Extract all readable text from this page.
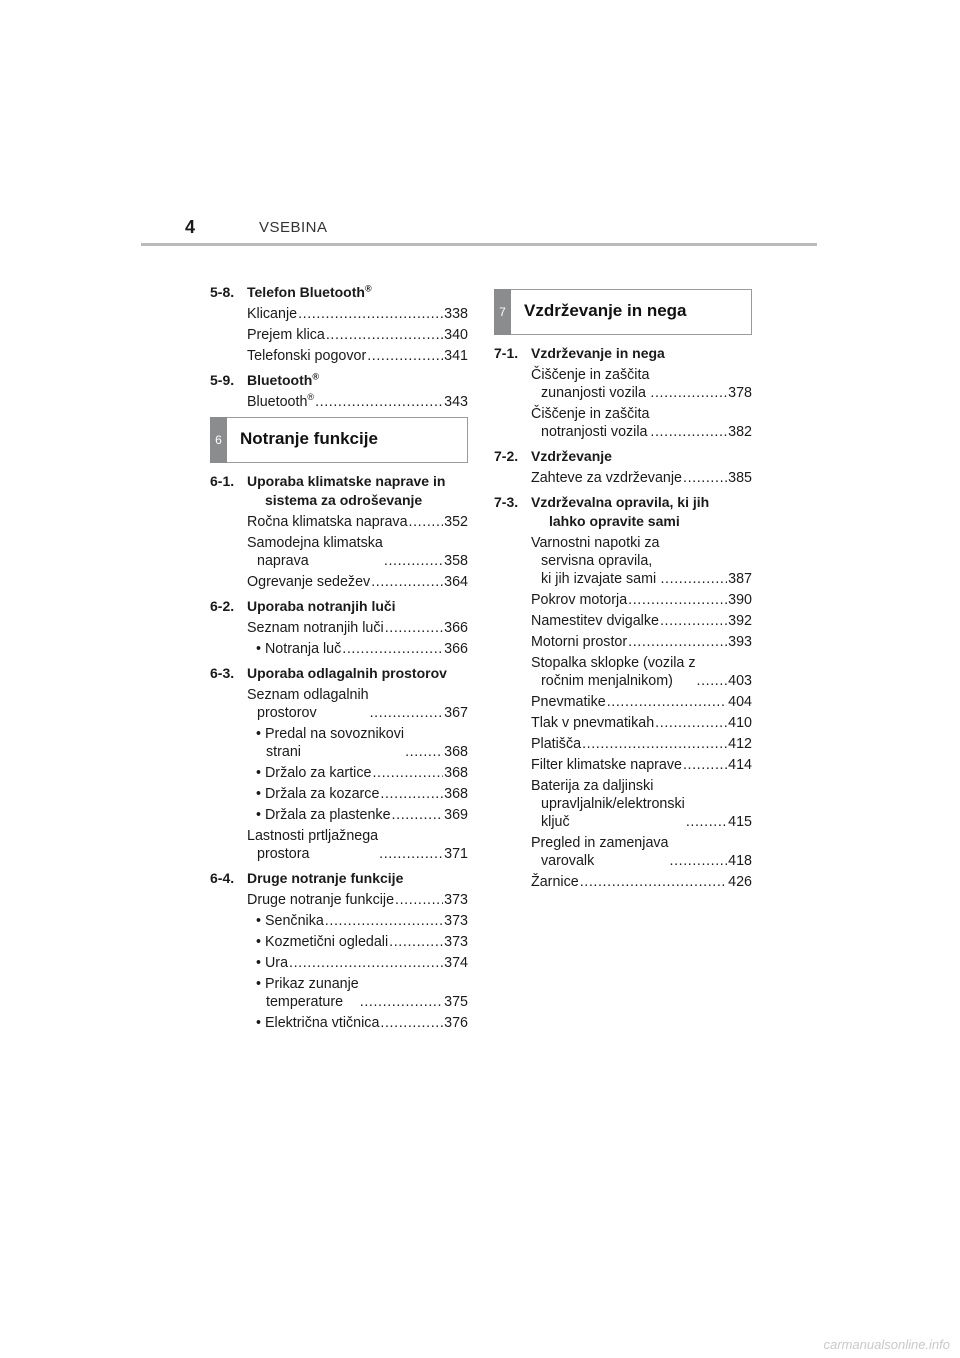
4	VSEBINA
5-8. Telefon Bluetooth®
Klicanje .....	338
Prejem klica .....	340
Telefonski pogovor .....	341
5-9. Bluetooth®
Bluetooth® .....	343
6	Notranje funkcije
6-1. Uporaba klimatske naprave in
sistema za odroševanje
Ročna klimatska naprava .....	352
Samodejna klimatska
naprava .....	358
Ogrevanje sedežev .....	364
6-2. Uporaba notranjih luči
Seznam notranjih luči .....	366
• Notranja luč .....	366
6-3. Uporaba odlagalnih prostorov
Seznam odlagalnih
prostorov .....	367
• Predal na sovoznikovi
strani .....	368
• Držalo za kartice .....	368
• Držala za kozarce .....	368
• Držala za plastenke .....	369
Lastnosti prtljažnega
prostora .....	371
6-4. Druge notranje funkcije
Druge notranje funkcije .....	373
• Senčnika .....	373
• Kozmetični ogledali .....	373
• Ura .....	374
• Prikaz zunanje
temperature .....	375
• Električna vtičnica .....	376
7	Vzdrževanje in nega
7-1. Vzdrževanje in nega
Čiščenje in zaščita
zunanjosti vozila .....	378
Čiščenje in zaščita
notranjosti vozila .....	382
7-2. Vzdrževanje
Zahteve za vzdrževanje .....	385
7-3. Vzdrževalna opravila, ki jih
lahko opravite sami
Varnostni napotki za
servisna opravila,
ki jih izvajate sami .....	387
Pokrov motorja .....	390
Namestitev dvigalke .....	392
Motorni prostor .....	393
Stopalka sklopke (vozila z
ročnim menjalnikom) .....	403
Pnevmatike .....	404
Tlak v pnevmatikah .....	410
Platišča .....	412
Filter klimatske naprave .....	414
Baterija za daljinski
upravljalnik/elektronski
ključ .....	415
Pregled in zamenjava
varovalk .....	418
Žarnice .....	426
carmanualsonline.info
